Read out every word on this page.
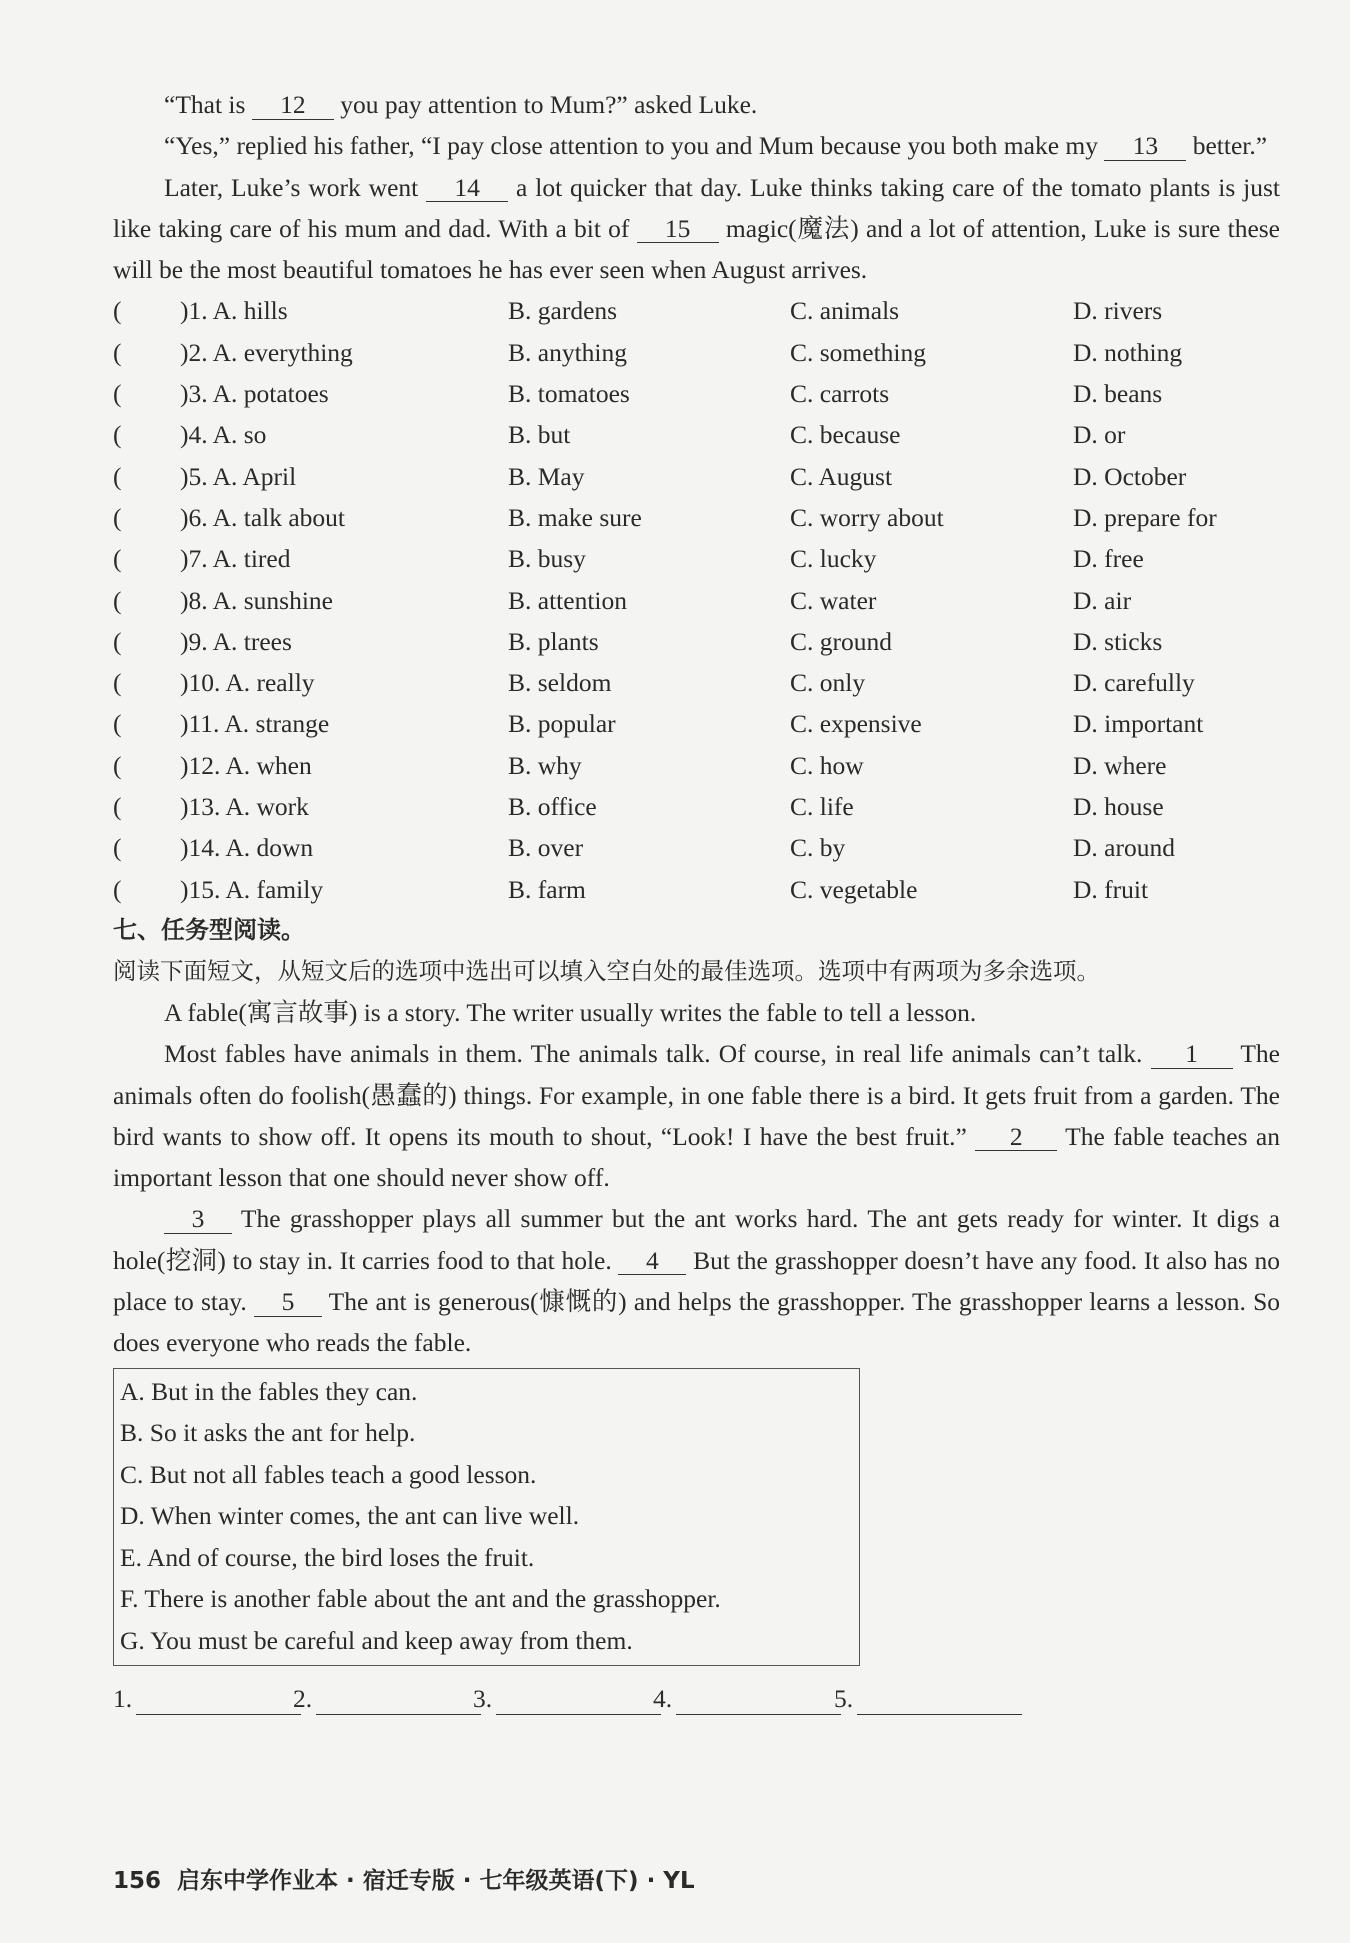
“That is 12 you pay attention to Mum?” asked Luke.

“Yes,” replied his father, “I pay close attention to you and Mum because you both make my 13 better.”

Later, Luke’s work went 14 a lot quicker that day. Luke thinks taking care of the tomato plants is just like taking care of his mum and dad. With a bit of 15 magic(魔法) and a lot of attention, Luke is sure these will be the most beautiful tomatoes he has ever seen when August arrives.

( )1. A. hills	B. gardens	C. animals	D. rivers
( )2. A. everything	B. anything	C. something	D. nothing
( )3. A. potatoes	B. tomatoes	C. carrots	D. beans
( )4. A. so	B. but	C. because	D. or
( )5. A. April	B. May	C. August	D. October
( )6. A. talk about	B. make sure	C. worry about	D. prepare for
( )7. A. tired	B. busy	C. lucky	D. free
( )8. A. sunshine	B. attention	C. water	D. air
( )9. A. trees	B. plants	C. ground	D. sticks
( )10. A. really	B. seldom	C. only	D. carefully
( )11. A. strange	B. popular	C. expensive	D. important
( )12. A. when	B. why	C. how	D. where
( )13. A. work	B. office	C. life	D. house
( )14. A. down	B. over	C. by	D. around
( )15. A. family	B. farm	C. vegetable	D. fruit

七、任务型阅读。

阅读下面短文，从短文后的选项中选出可以填入空白处的最佳选项。选项中有两项为多余选项。

A fable(寓言故事) is a story. The writer usually writes the fable to tell a lesson.

Most fables have animals in them. The animals talk. Of course, in real life animals can’t talk. 1 The animals often do foolish(愚蠢的) things. For example, in one fable there is a bird. It gets fruit from a garden. The bird wants to show off. It opens its mouth to shout, “Look! I have the best fruit.” 2 The fable teaches an important lesson that one should never show off.

3 The grasshopper plays all summer but the ant works hard. The ant gets ready for winter. It digs a hole(挖洞) to stay in. It carries food to that hole. 4 But the grasshopper doesn’t have any food. It also has no place to stay. 5 The ant is generous(慷慨的) and helps the grasshopper. The grasshopper learns a lesson. So does everyone who reads the fable.

A. But in the fables they can.

B. So it asks the ant for help.

C. But not all fables teach a good lesson.

D. When winter comes, the ant can live well.

E. And of course, the bird loses the fruit.

F. There is another fable about the ant and the grasshopper.

G. You must be careful and keep away from them.

1.	2.	3.	4.	5.
156 启东中学作业本 · 宿迁专版 · 七年级英语(下) · YL
